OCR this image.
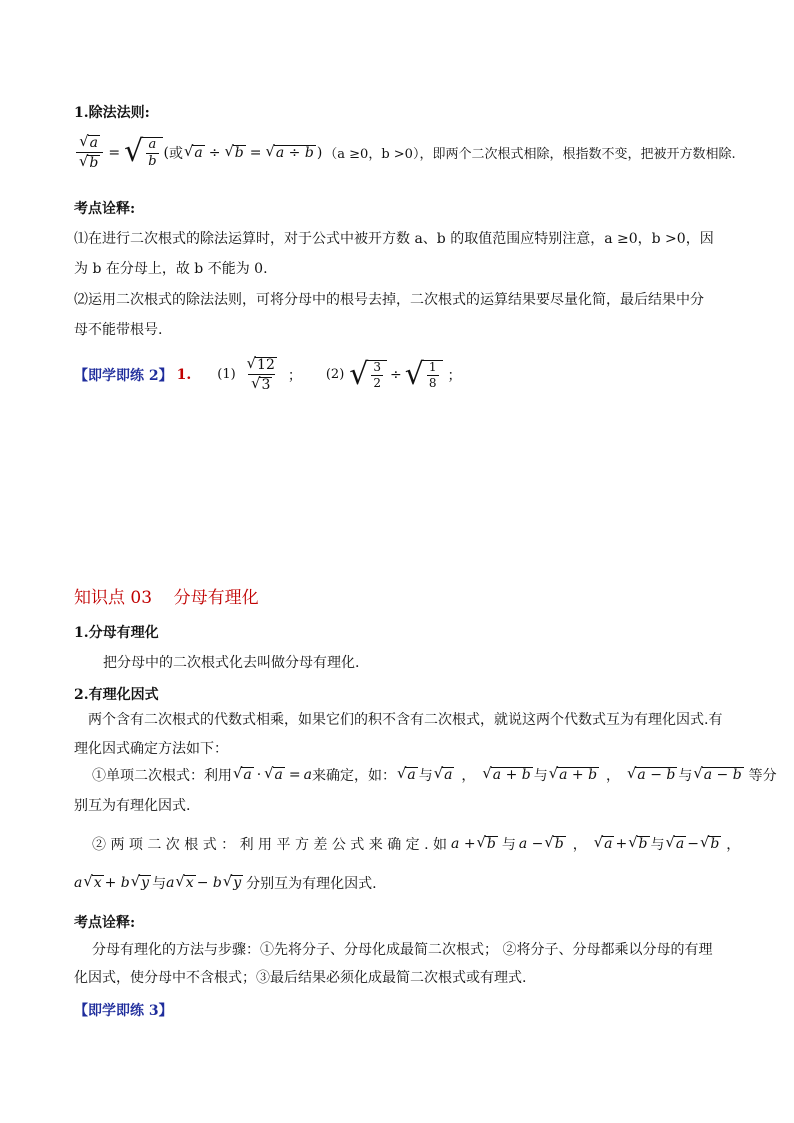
1.除法法则:
$\frac{√ a}{√ b}$ = √ $\frac{a}{b}$ ( 或 √ a ÷ √ b = √ a ÷ b ) （a ≥0，b >0），即两个二次根式相除，根指数不变，把被开方数相除.
考点诠释:
⑴在进行二次根式的除法运算时，对于公式中被开方数 a、b 的取值范围应特别注意，a ≥0，b >0，因
为 b 在分母上，故 b 不能为 0.
⑵运用二次根式的除法法则，可将分母中的根号去掉，二次根式的运算结果要尽量化简，最后结果中分
母不能带根号.
【即学即练 2】 1. $(1) \frac{√ 12}{√ 3}$ ； (2) √ $\frac{3}{2}$ ÷ √ $\frac{1}{8}$ ；
知识点 03    分母有理化
1.分母有理化
把分母中的二次根式化去叫做分母有理化.
2.有理化因式
两个含有二次根式的代数式相乘，如果它们的积不含有二次根式，就说这两个代数式互为有理化因式.有
理化因式确定方法如下：
①单项二次根式：利用 √ a · √ a = a 来确定，如： √ a 与 √ a ， √ a + b 与 √ a + b ， √ a − b 与 √ a − b 等分
别互为有理化因式.
② 两 项 二 次 根 式 ： 利 用 平 方 差 公 式 来 确 定 . 如 a + √ b 与 a − √ b ， √ a + √ b 与 √ a − √ b ，
a √ x + b √ y 与 a √ x − b √ y 分别互为有理化因式.
考点诠释:
分母有理化的方法与步骤：①先将分子、分母化成最简二次根式； ②将分子、分母都乘以分母的有理
化因式，使分母中不含根式；③最后结果必须化成最简二次根式或有理式.
【即学即练 3】
